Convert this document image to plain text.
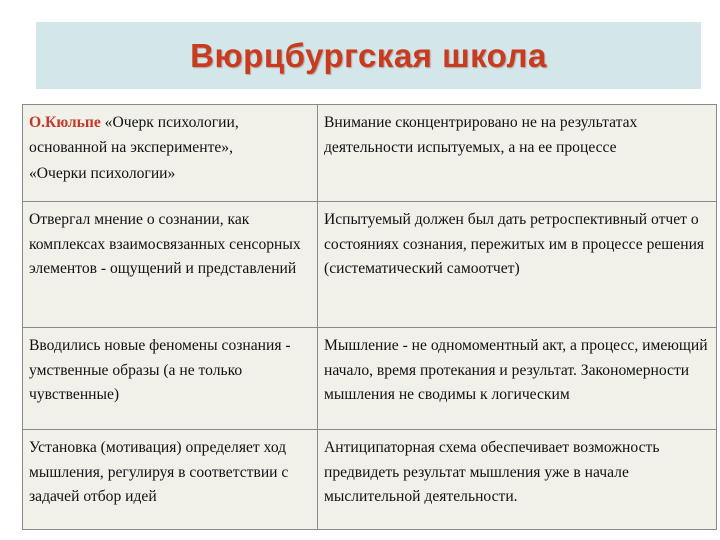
Вюрцбургская школа
О.Кюльпе «Очерк психологии, основанной на эксперименте»,
«Очерки психологии»	Внимание сконцентрировано не на результатах деятельности испытуемых, а на ее процессе
Отвергал мнение о сознании, как комплексах взаимосвязанных сенсорных элементов - ощущений и представлений	Испытуемый должен был дать ретроспективный отчет о состояниях сознания, пережитых им в процессе решения (систематический самоотчет)
Вводились новые феномены сознания - умственные образы (а не только чувственные)	Мышление - не одномоментный акт, а процесс, имеющий начало, время протекания и результат. Закономерности мышления не сводимы к логическим
Установка (мотивация) определяет ход мышления, регулируя в соответствии с задачей отбор идей	Антиципаторная схема обеспечивает возможность предвидеть результат мышления уже в начале мыслительной деятельности.
